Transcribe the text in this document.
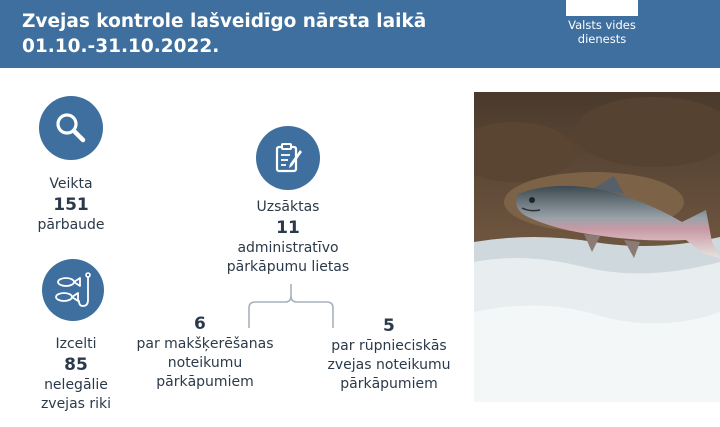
Zvejas kontrole lašveidīgo nārsta laikā
01.10.-31.10.2022.
Valsts vides
dienests
Veikta
151
pārbaude
Izcelti
85
nelegālie
zvejas riki
Uzsāktas
11
administratīvo
pārkāpumu lietas
6
par makšķerēšanas
noteikumu
pārkāpumiem
5
par rūpnieciskās
zvejas noteikumu
pārkāpumiem
